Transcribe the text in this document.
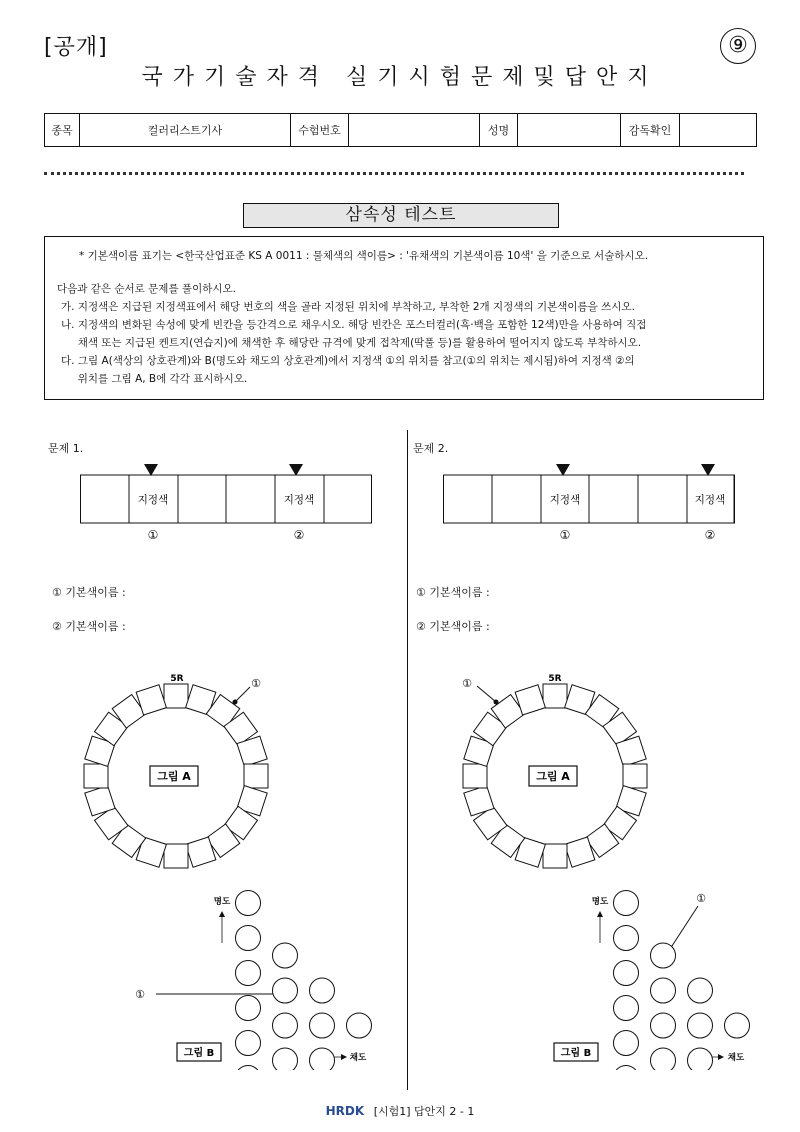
[공개]	⑨
국가기술자격 실기시험문제및답안지
종목	컬러리스트기사	수험번호		성명		감독확인	
삼속성 테스트
* 기본색이름 표기는 <한국산업표준 KS A 0011 : 물체색의 색이름> : '유채색의 기본색이름 10색' 을 기준으로 서술하시오.
다음과 같은 순서로 문제를 풀이하시오.
가. 지정색은 지급된 지정색표에서 해당 번호의 색을 골라 지정된 위치에 부착하고, 부착한 2개 지정색의 기본색이름을 쓰시오.
나. 지정색의 변화된 속성에 맞게 빈칸을 등간격으로 채우시오. 해당 빈칸은 포스터컬러(흑·백을 포함한 12색)만을 사용하여 직접
채색 또는 지급된 켄트지(연습지)에 채색한 후 해당란 규격에 맞게 접착제(딱풀 등)를 활용하여 떨어지지 않도록 부착하시오.
다. 그림 A(색상의 상호관계)와 B(명도와 채도의 상호관계)에서 지정색 ①의 위치를 참고(①의 위치는 제시됨)하여 지정색 ②의
위치를 그림 A, B에 각각 표시하시오.
문제 1.
지정색	지정색
①	②
① 기본색이름 :
② 기본색이름 :
그림 A
5R	①
명도
①
그림 B	채도
문제 2.
지정색	지정색
①	②
① 기본색이름 :
② 기본색이름 :
그림 A
5R
①
명도	①
그림 B	채도
HRDK [시험1] 답안지 2 - 1
